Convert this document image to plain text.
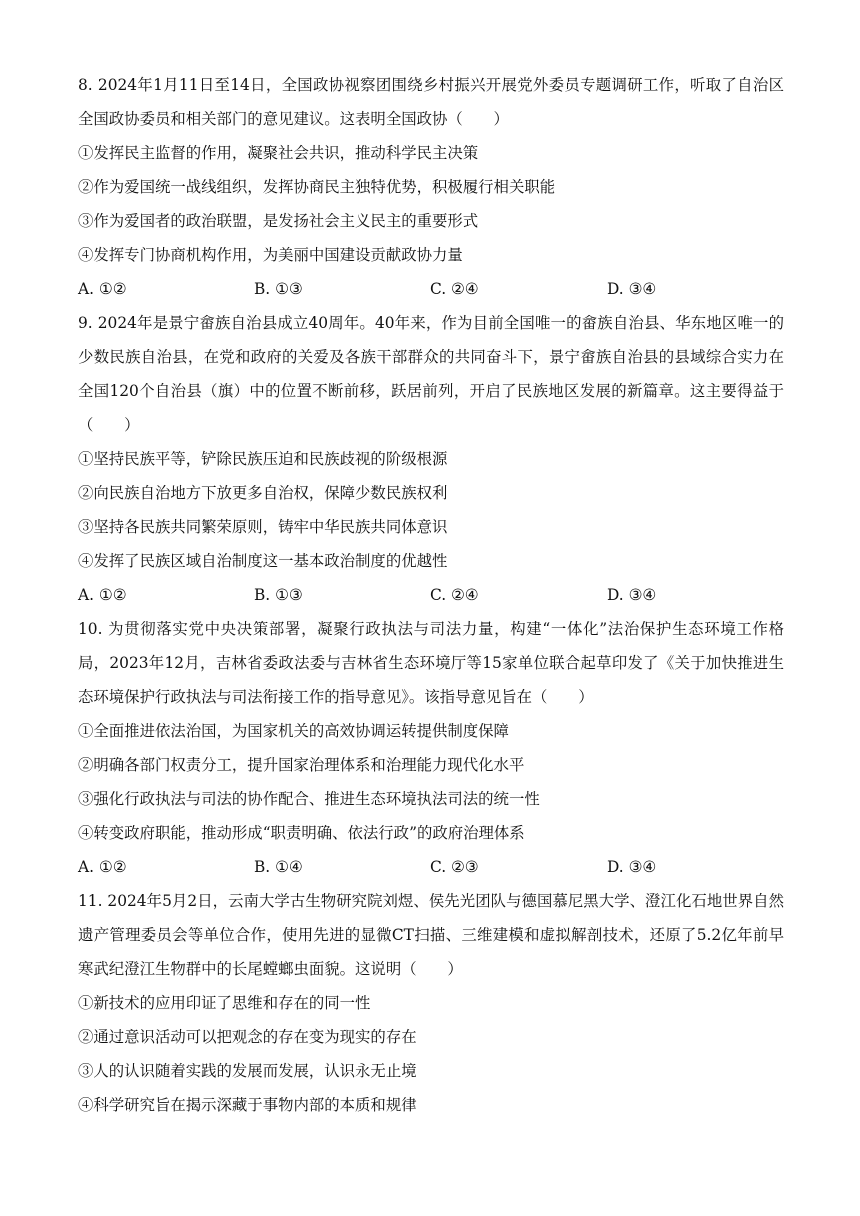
8. 2024年1月11日至14日，全国政协视察团围绕乡村振兴开展党外委员专题调研工作，听取了自治区全国政协委员和相关部门的意见建议。这表明全国政协（　　）

①发挥民主监督的作用，凝聚社会共识，推动科学民主决策

②作为爱国统一战线组织，发挥协商民主独特优势，积极履行相关职能

③作为爱国者的政治联盟，是发扬社会主义民主的重要形式

④发挥专门协商机构作用，为美丽中国建设贡献政协力量

A. ①②	B. ①③	C. ②④	D. ③④

9. 2024年是景宁畲族自治县成立40周年。40年来，作为目前全国唯一的畲族自治县、华东地区唯一的少数民族自治县，在党和政府的关爱及各族干部群众的共同奋斗下，景宁畲族自治县的县域综合实力在全国120个自治县（旗）中的位置不断前移，跃居前列，开启了民族地区发展的新篇章。这主要得益于（　　）

①坚持民族平等，铲除民族压迫和民族歧视的阶级根源

②向民族自治地方下放更多自治权，保障少数民族权利

③坚持各民族共同繁荣原则，铸牢中华民族共同体意识

④发挥了民族区域自治制度这一基本政治制度的优越性

A. ①②	B. ①③	C. ②④	D. ③④

10. 为贯彻落实党中央决策部署，凝聚行政执法与司法力量，构建“一体化”法治保护生态环境工作格局，2023年12月，吉林省委政法委与吉林省生态环境厅等15家单位联合起草印发了《关于加快推进生态环境保护行政执法与司法衔接工作的指导意见》。该指导意见旨在（　　）

①全面推进依法治国，为国家机关的高效协调运转提供制度保障

②明确各部门权责分工，提升国家治理体系和治理能力现代化水平

③强化行政执法与司法的协作配合、推进生态环境执法司法的统一性

④转变政府职能，推动形成“职责明确、依法行政”的政府治理体系

A. ①②	B. ①④	C. ②③	D. ③④

11. 2024年5月2日，云南大学古生物研究院刘煜、侯先光团队与德国慕尼黑大学、澄江化石地世界自然遗产管理委员会等单位合作，使用先进的显微CT扫描、三维建模和虚拟解剖技术，还原了5.2亿年前早寒武纪澄江生物群中的长尾螳螂虫面貌。这说明（　　）

①新技术的应用印证了思维和存在的同一性

②通过意识活动可以把观念的存在变为现实的存在

③人的认识随着实践的发展而发展，认识永无止境

④科学研究旨在揭示深藏于事物内部的本质和规律
